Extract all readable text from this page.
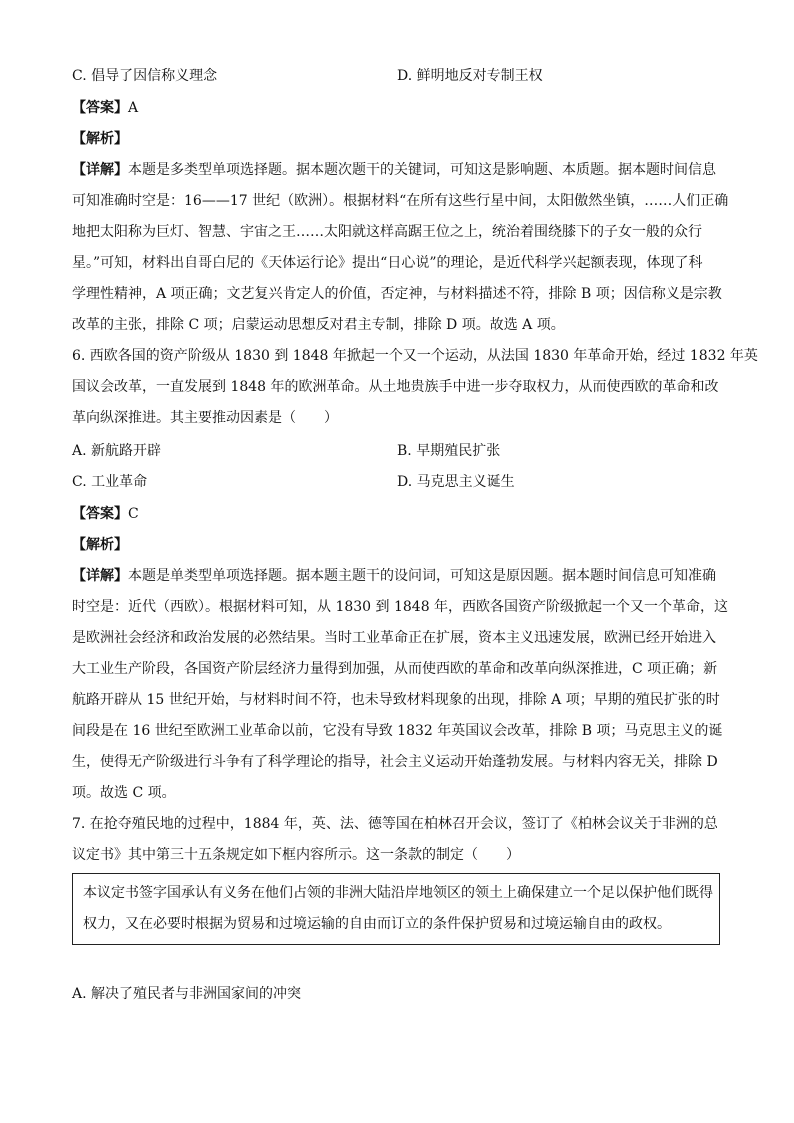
C. 倡导了因信称义理念	D. 鲜明地反对专制王权
【答案】A
【解析】
【详解】本题是多类型单项选择题。据本题次题干的关键词，可知这是影响题、本质题。据本题时间信息
可知准确时空是：16——17 世纪（欧洲）。根据材料“在所有这些行星中间，太阳傲然坐镇，……人们正确
地把太阳称为巨灯、智慧、宇宙之王……太阳就这样高踞王位之上，统治着围绕膝下的子女一般的众行
星。”可知，材料出自哥白尼的《天体运行论》提出“日心说”的理论，是近代科学兴起额表现，体现了科
学理性精神，A 项正确；文艺复兴肯定人的价值，否定神，与材料描述不符，排除 B 项；因信称义是宗教
改革的主张，排除 C 项；启蒙运动思想反对君主专制，排除 D 项。故选 A 项。
6. 西欧各国的资产阶级从 1830 到 1848 年掀起一个又一个运动，从法国 1830 年革命开始，经过 1832 年英
国议会改革，一直发展到 1848 年的欧洲革命。从土地贵族手中进一步夺取权力，从而使西欧的革命和改
革向纵深推进。其主要推动因素是（　　）
A. 新航路开辟	B. 早期殖民扩张
C. 工业革命	D. 马克思主义诞生
【答案】C
【解析】
【详解】本题是单类型单项选择题。据本题主题干的设问词，可知这是原因题。据本题时间信息可知准确
时空是：近代（西欧）。根据材料可知，从 1830 到 1848 年，西欧各国资产阶级掀起一个又一个革命，这
是欧洲社会经济和政治发展的必然结果。当时工业革命正在扩展，资本主义迅速发展，欧洲已经开始进入
大工业生产阶段，各国资产阶层经济力量得到加强，从而使西欧的革命和改革向纵深推进，C 项正确；新
航路开辟从 15 世纪开始，与材料时间不符，也未导致材料现象的出现，排除 A 项；早期的殖民扩张的时
间段是在 16 世纪至欧洲工业革命以前，它没有导致 1832 年英国议会改革，排除 B 项；马克思主义的诞
生，使得无产阶级进行斗争有了科学理论的指导，社会主义运动开始蓬勃发展。与材料内容无关，排除 D
项。故选 C 项。
7. 在抢夺殖民地的过程中，1884 年，英、法、德等国在柏林召开会议，签订了《柏林会议关于非洲的总
议定书》其中第三十五条规定如下框内容所示。这一条款的制定（　　）
本议定书签字国承认有义务在他们占领的非洲大陆沿岸地领区的领土上确保建立一个足以保护他们既得
权力，又在必要时根据为贸易和过境运输的自由而订立的条件保护贸易和过境运输自由的政权。
A. 解决了殖民者与非洲国家间的冲突
